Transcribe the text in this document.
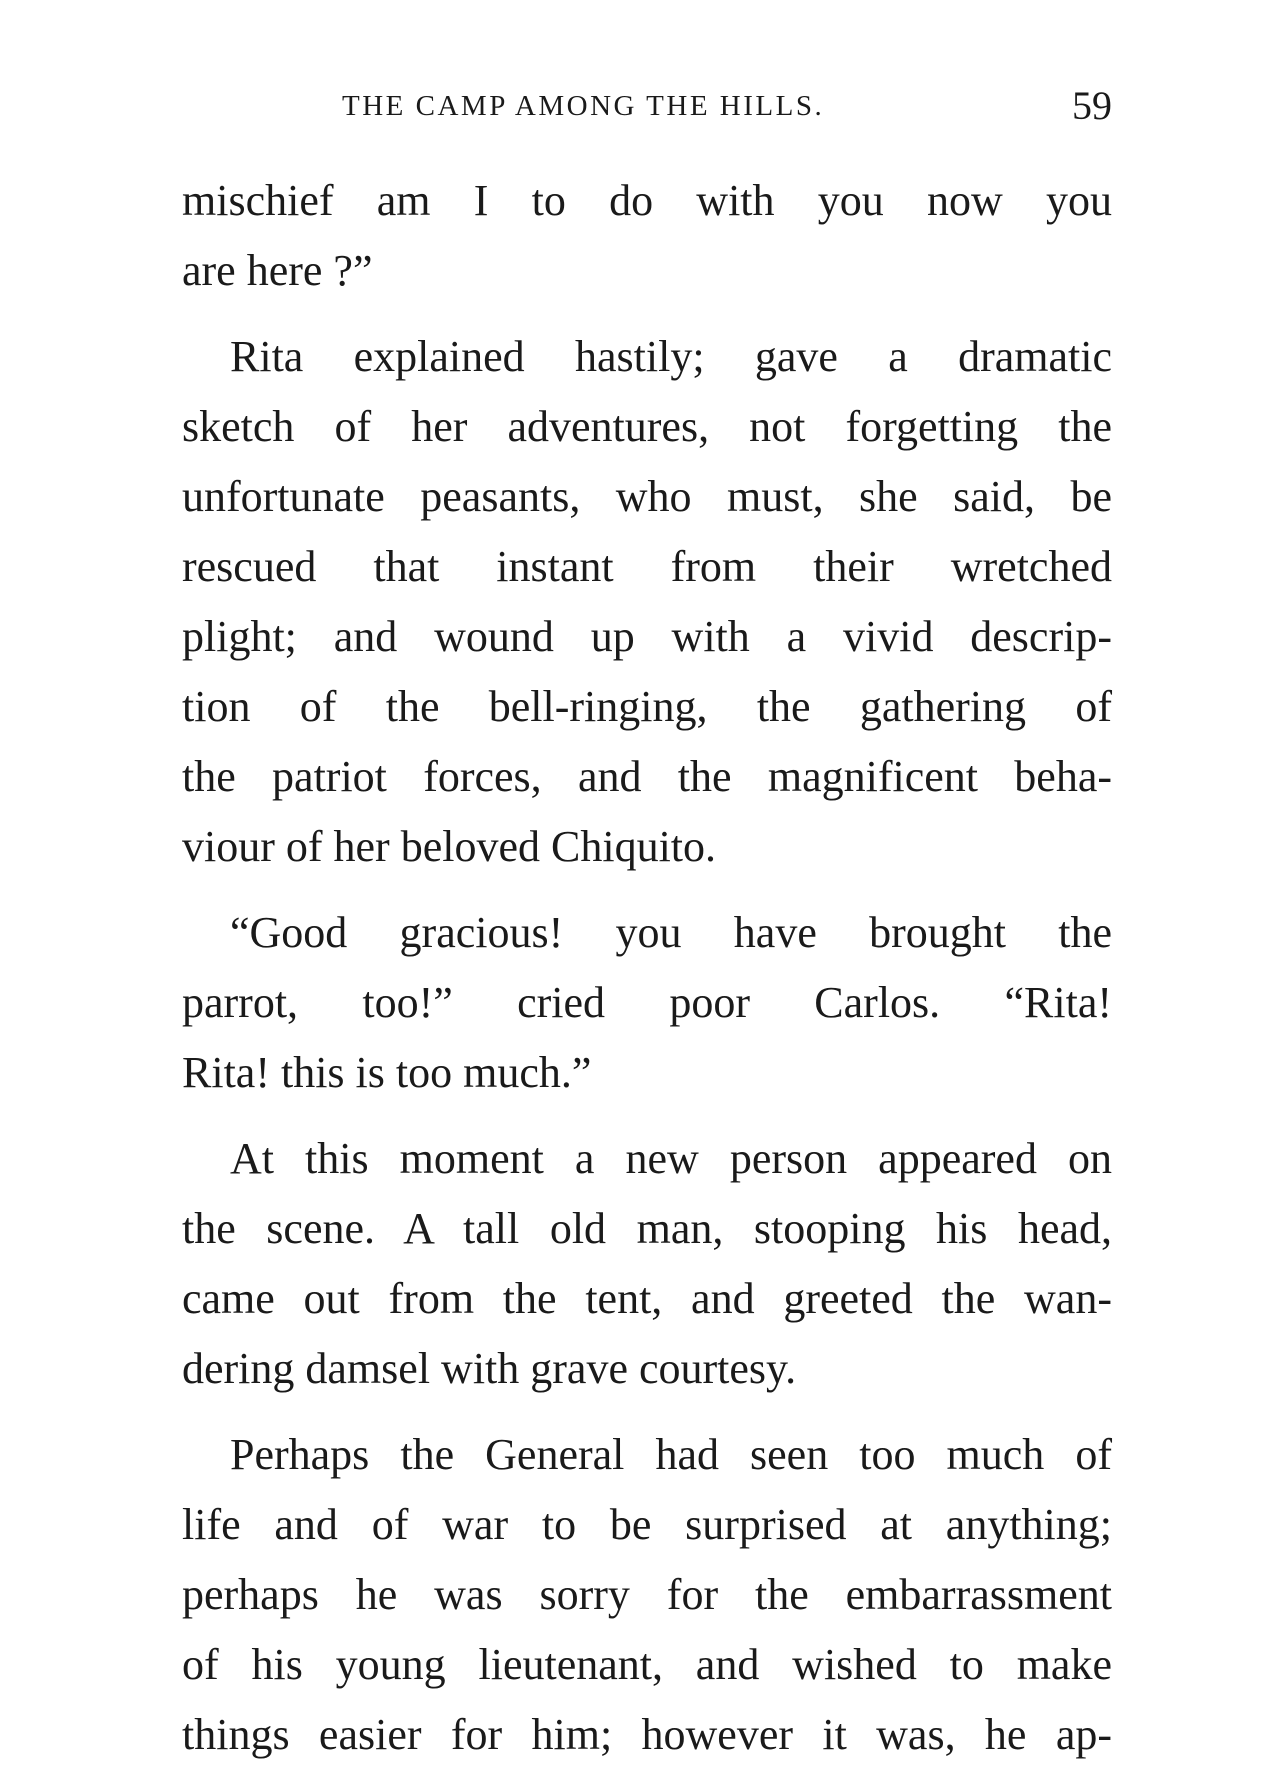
THE CAMP AMONG THE HILLS.	59
mischief am I to do with you now you
are here ?”
Rita explained hastily; gave a dramatic
sketch of her adventures, not forgetting the
unfortunate peasants, who must, she said, be
rescued that instant from their wretched
plight; and wound up with a vivid descrip-
tion of the bell-ringing, the gathering of
the patriot forces, and the magnificent beha-
viour of her beloved Chiquito.
“Good gracious! you have brought the
parrot, too!” cried poor Carlos. “Rita!
Rita! this is too much.”
At this moment a new person appeared on
the scene. A tall old man, stooping his head,
came out from the tent, and greeted the wan-
dering damsel with grave courtesy.
Perhaps the General had seen too much of
life and of war to be surprised at anything;
perhaps he was sorry for the embarrassment
of his young lieutenant, and wished to make
things easier for him; however it was, he ap-
